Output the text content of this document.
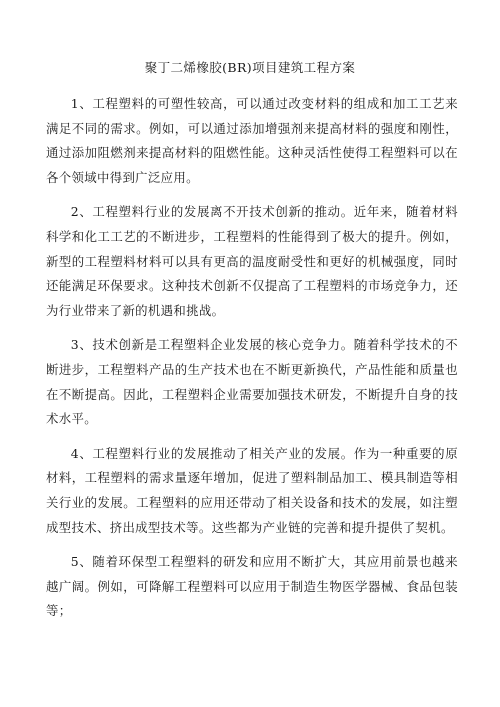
聚丁二烯橡胶(BR)项目建筑工程方案

1、工程塑料的可塑性较高，可以通过改变材料的组成和加工工艺来满足不同的需求。例如，可以通过添加增强剂来提高材料的强度和刚性，通过添加阻燃剂来提高材料的阻燃性能。这种灵活性使得工程塑料可以在各个领域中得到广泛应用。

2、工程塑料行业的发展离不开技术创新的推动。近年来，随着材料科学和化工工艺的不断进步，工程塑料的性能得到了极大的提升。例如，新型的工程塑料材料可以具有更高的温度耐受性和更好的机械强度，同时还能满足环保要求。这种技术创新不仅提高了工程塑料的市场竞争力，还为行业带来了新的机遇和挑战。

3、技术创新是工程塑料企业发展的核心竞争力。随着科学技术的不断进步，工程塑料产品的生产技术也在不断更新换代，产品性能和质量也在不断提高。因此，工程塑料企业需要加强技术研发，不断提升自身的技术水平。

4、工程塑料行业的发展推动了相关产业的发展。作为一种重要的原材料，工程塑料的需求量逐年增加，促进了塑料制品加工、模具制造等相关行业的发展。工程塑料的应用还带动了相关设备和技术的发展，如注塑成型技术、挤出成型技术等。这些都为产业链的完善和提升提供了契机。

5、随着环保型工程塑料的研发和应用不断扩大，其应用前景也越来越广阔。例如，可降解工程塑料可以应用于制造生物医学器械、食品包装等；
